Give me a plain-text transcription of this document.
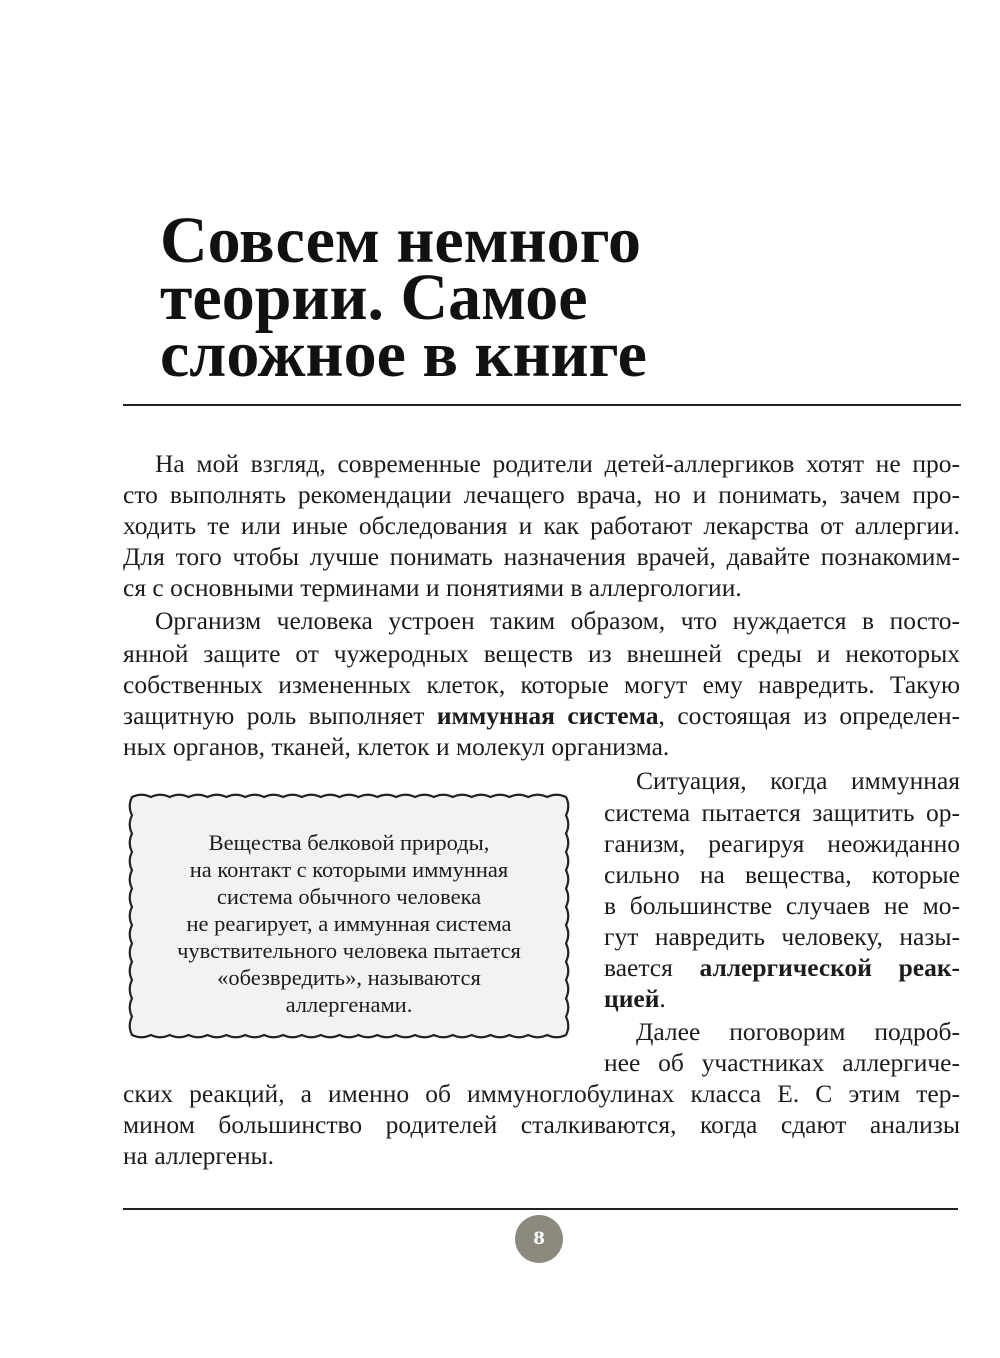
Совсем немного
теории. Самое
сложное в книге
На мой взгляд, современные родители детей-аллергиков хотят не про-
сто выполнять рекомендации лечащего врача, но и понимать, зачем про-
ходить те или иные обследования и как работают лекарства от аллергии.
Для того чтобы лучше понимать назначения врачей, давайте познакомим-
ся с основными терминами и понятиями в аллергологии.
Организм человека устроен таким образом, что нуждается в посто-
янной защите от чужеродных веществ из внешней среды и некоторых
собственных измененных клеток, которые могут ему навредить. Такую
защитную роль выполняет иммунная система, состоящая из определен-
ных органов, тканей, клеток и молекул организма.
Вещества белковой природы,
на контакт с которыми иммунная
система обычного человека
не реагирует, а иммунная система
чувствительного человека пытается
«обезвредить», называются
аллергенами.
Ситуация, когда иммунная
система пытается защитить ор-
ганизм, реагируя неожиданно
сильно на вещества, которые
в большинстве случаев не мо-
гут навредить человеку, назы-
вается аллергической реак-
цией.
Далее поговорим подроб-
нее об участниках аллергиче-
ских реакций, а именно об иммуноглобулинах класса Е. С этим тер-
мином большинство родителей сталкиваются, когда сдают анализы
на аллергены.
8
